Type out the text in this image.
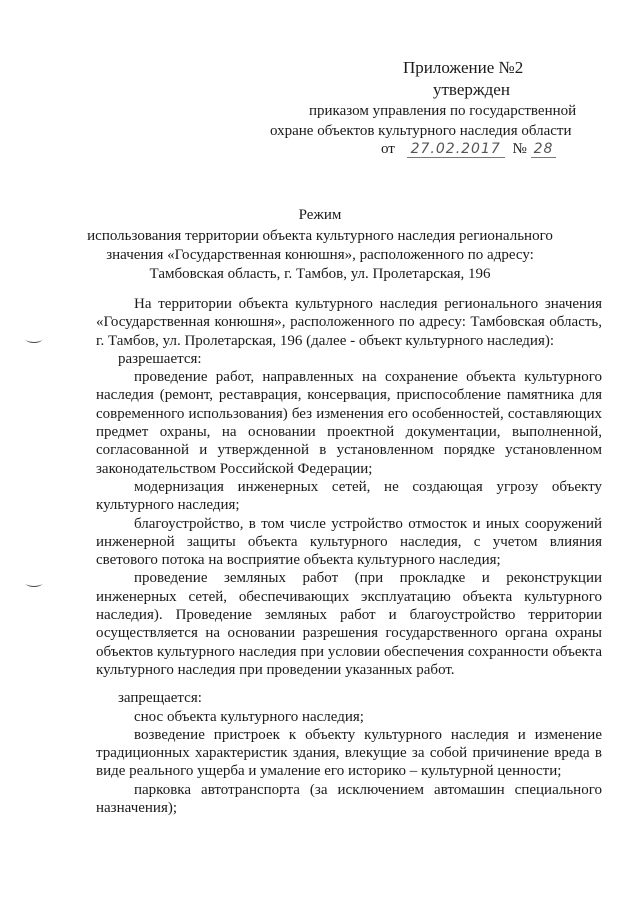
Приложение №2
утвержден
приказом управления по государственной
охране объектов культурного наследия области
от 27.02.2017 № 28
Режим
использования территории объекта культурного наследия регионального
значения «Государственная конюшня», расположенного по адресу:
Тамбовская область, г. Тамбов, ул. Пролетарская, 196

На территории объекта культурного наследия регионального значения «Государственная конюшня», расположенного по адресу: Тамбовская область, г. Тамбов, ул. Пролетарская, 196 (далее - объект культурного наследия):

разрешается:

проведение работ, направленных на сохранение объекта культурного наследия (ремонт, реставрация, консервация, приспособление памятника для современного использования) без изменения его особенностей, составляющих предмет охраны, на основании проектной документации, выполненной, согласованной и утвержденной в установленном порядке установленном законодательством Российской Федерации;

модернизация инженерных сетей, не создающая угрозу объекту культурного наследия;

благоустройство, в том числе устройство отмосток и иных сооружений инженерной защиты объекта культурного наследия, с учетом влияния светового потока на восприятие объекта культурного наследия;

проведение земляных работ (при прокладке и реконструкции инженерных сетей, обеспечивающих эксплуатацию объекта культурного наследия). Проведение земляных работ и благоустройство территории осуществляется на основании разрешения государственного органа охраны объектов культурного наследия при условии обеспечения сохранности объекта культурного наследия при проведении указанных работ.

запрещается:

снос объекта культурного наследия;

возведение пристроек к объекту культурного наследия и изменение традиционных характеристик здания, влекущие за собой причинение вреда в виде реального ущерба и умаление его историко – культурной ценности;

парковка автотранспорта (за исключением автомашин специального назначения);
